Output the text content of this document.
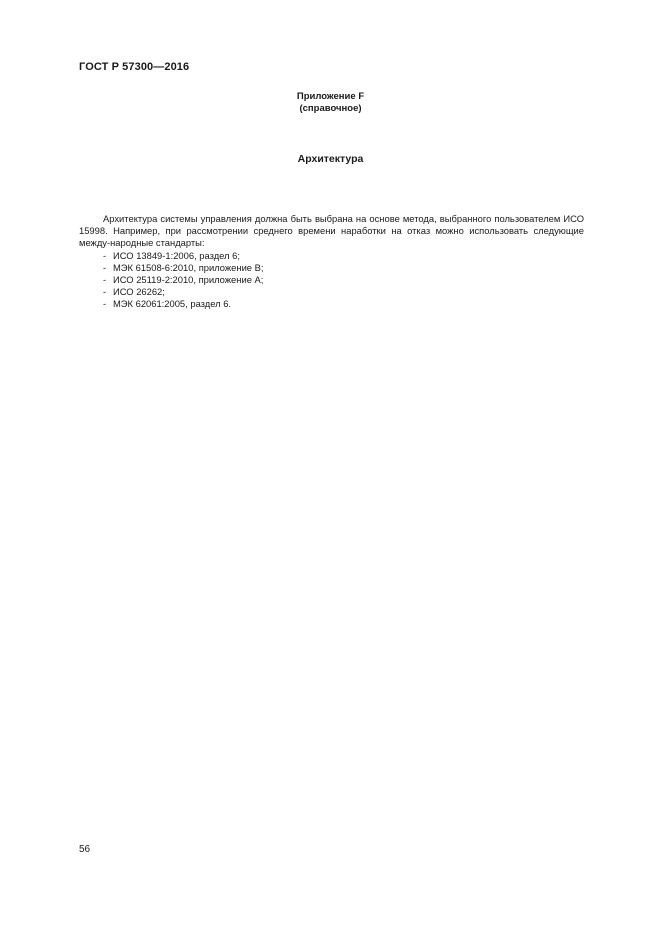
ГОСТ Р 57300—2016
Приложение F
(справочное)
Архитектура

Архитектура системы управления должна быть выбрана на основе метода, выбранного пользователем ИСО 15998. Например, при рассмотрении среднего времени наработки на отказ можно использовать следующие между-народные стандарты:

- ИСО 13849-1:2006, раздел 6;
- МЭК 61508-6:2010, приложение В;
- ИСО 25119-2:2010, приложение А;
- ИСО 26262;
- МЭК 62061:2005, раздел 6.
56
